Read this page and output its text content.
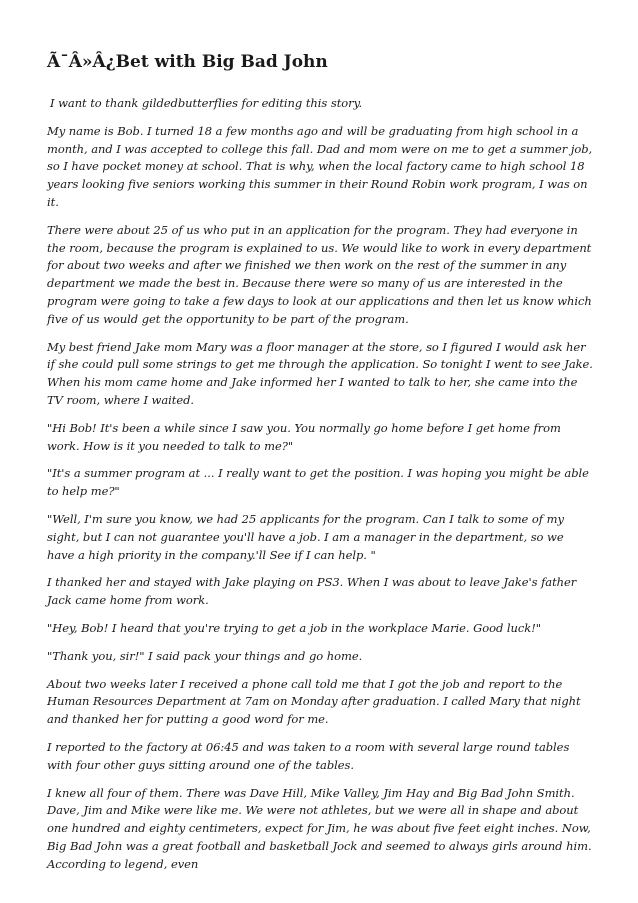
Ã¯Â»Â¿Bet with Big Bad John

I want to thank gildedbutterflies for editing this story.

My name is Bob. I turned 18 a few months ago and will be graduating from high school in a month, and I was accepted to college this fall. Dad and mom were on me to get a summer job, so I have pocket money at school. That is why, when the local factory came to high school 18 years looking five seniors working this summer in their Round Robin work program, I was on it.

There were about 25 of us who put in an application for the program. They had everyone in the room, because the program is explained to us. We would like to work in every department for about two weeks and after we finished we then work on the rest of the summer in any department we made the best in. Because there were so many of us are interested in the program were going to take a few days to look at our applications and then let us know which five of us would get the opportunity to be part of the program.

My best friend Jake mom Mary was a floor manager at the store, so I figured I would ask her if she could pull some strings to get me through the application. So tonight I went to see Jake. When his mom came home and Jake informed her I wanted to talk to her, she came into the TV room, where I waited.

"Hi Bob! It's been a while since I saw you. You normally go home before I get home from work. How is it you needed to talk to me?"

"It's a summer program at ... I really want to get the position. I was hoping you might be able to help me?"

"Well, I'm sure you know, we had 25 applicants for the program. Can I talk to some of my sight, but I can not guarantee you'll have a job. I am a manager in the department, so we have a high priority in the company.'ll See if I can help. "

I thanked her and stayed with Jake playing on PS3. When I was about to leave Jake's father Jack came home from work.

"Hey, Bob! I heard that you're trying to get a job in the workplace Marie. Good luck!"

"Thank you, sir!" I said pack your things and go home.

About two weeks later I received a phone call told me that I got the job and report to the Human Resources Department at 7am on Monday after graduation. I called Mary that night and thanked her for putting a good word for me.

I reported to the factory at 06:45 and was taken to a room with several large round tables with four other guys sitting around one of the tables.

I knew all four of them. There was Dave Hill, Mike Valley, Jim Hay and Big Bad John Smith. Dave, Jim and Mike were like me. We were not athletes, but we were all in shape and about one hundred and eighty centimeters, expect for Jim, he was about five feet eight inches. Now, Big Bad John was a great football and basketball Jock and seemed to always girls around him. According to legend, even
